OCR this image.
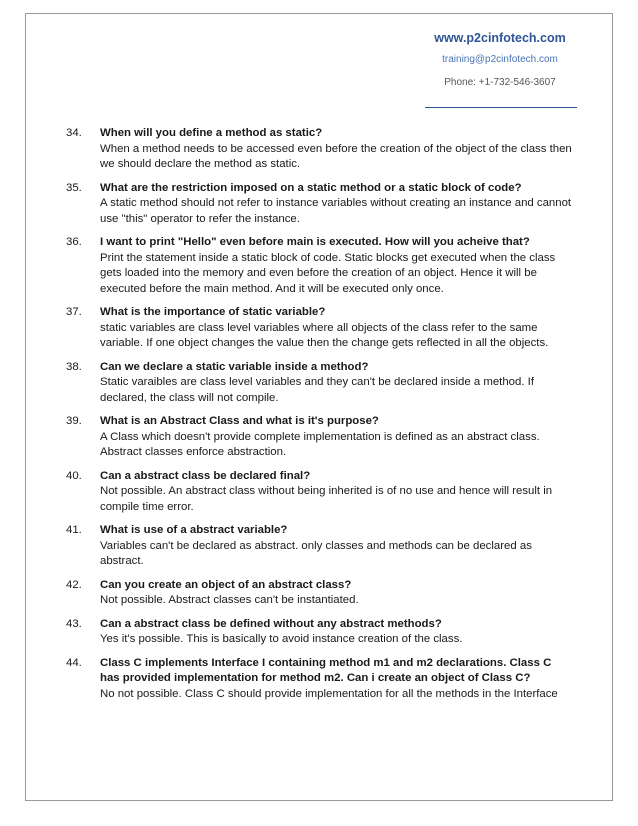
www.p2cinfotech.com
training@p2cinfotech.com
Phone: +1-732-546-3607
34. When will you define a method as static?
When a method needs to be accessed even before the creation of the object of the class then we should declare the method as static.
35. What are the restriction imposed on a static method or a static block of code?
A static method should not refer to instance variables without creating an instance and cannot use "this" operator to refer the instance.
36. I want to print "Hello" even before main is executed. How will you acheive that?
Print the statement inside a static block of code. Static blocks get executed when the class gets loaded into the memory and even before the creation of an object. Hence it will be executed before the main method. And it will be executed only once.
37. What is the importance of static variable?
static variables are class level variables where all objects of the class refer to the same variable. If one object changes the value then the change gets reflected in all the objects.
38. Can we declare a static variable inside a method?
Static varaibles are class level variables and they can't be declared inside a method. If declared, the class will not compile.
39. What is an Abstract Class and what is it's purpose?
A Class which doesn't provide complete implementation is defined as an abstract class. Abstract classes enforce abstraction.
40. Can a abstract class be declared final?
Not possible. An abstract class without being inherited is of no use and hence will result in compile time error.
41. What is use of a abstract variable?
Variables can't be declared as abstract. only classes and methods can be declared as abstract.
42. Can you create an object of an abstract class?
Not possible. Abstract classes can't be instantiated.
43. Can a abstract class be defined without any abstract methods?
Yes it's possible. This is basically to avoid instance creation of the class.
44. Class C implements Interface I containing method m1 and m2 declarations. Class C has provided implementation for method m2. Can i create an object of Class C?
No not possible. Class C should provide implementation for all the methods in the Interface
